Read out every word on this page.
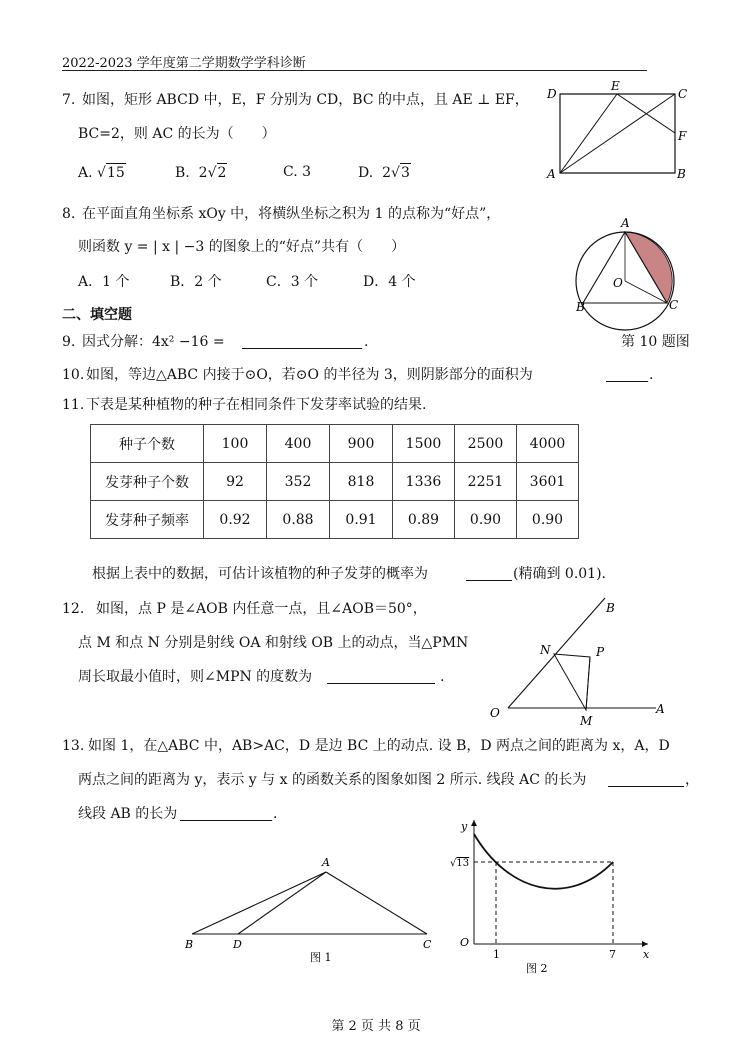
2022-2023 学年度第二学期数学学科诊断
7. 如图，矩形 ABCD 中，E，F 分别为 CD，BC 的中点，且 AE ⊥ EF，
BC=2，则 AC 的长为（　　）
A. √15	B. 2√2	C. 3	D. 2√3
D
E
C
F
A	B
8. 在平面直角坐标系 xOy 中，将横纵坐标之积为 1 的点称为“好点”，
则函数 y = | x | −3 的图象上的“好点”共有（　　）
A．1 个	B．2 个	C．3 个	D．4 个
A
O
B	C
二、填空题
9. 因式分解：4x² −16 =	.	第 10 题图
10. 如图，等边△ABC 内接于⊙O，若⊙O 的半径为 3，则阴影部分的面积为	.
11. 下表是某种植物的种子在相同条件下发芽率试验的结果.
种子个数	100	400	900	1500	2500	4000
发芽种子个数	92	352	818	1336	2251	3601
发芽种子频率	0.92	0.88	0.91	0.89	0.90	0.90
根据上表中的数据，可估计该植物的种子发芽的概率为	(精确到 0.01).
12. 如图，点 P 是∠AOB 内任意一点，且∠AOB＝50°，
点 M 和点 N 分别是射线 OA 和射线 OB 上的动点，当△PMN
周长取最小值时，则∠MPN 的度数为	.
B
N	P
O
M
A
13. 如图 1，在△ABC 中，AB>AC，D 是边 BC 上的动点. 设 B，D 两点之间的距离为 x，A，D
两点之间的距离为 y，表示 y 与 x 的函数关系的图象如图 2 所示. 线段 AC 的长为	，
线段 AB 的长为	.
A
B	D	C
图 1
y
√13
O
1	7 x
图 2
第 2 页 共 8 页
